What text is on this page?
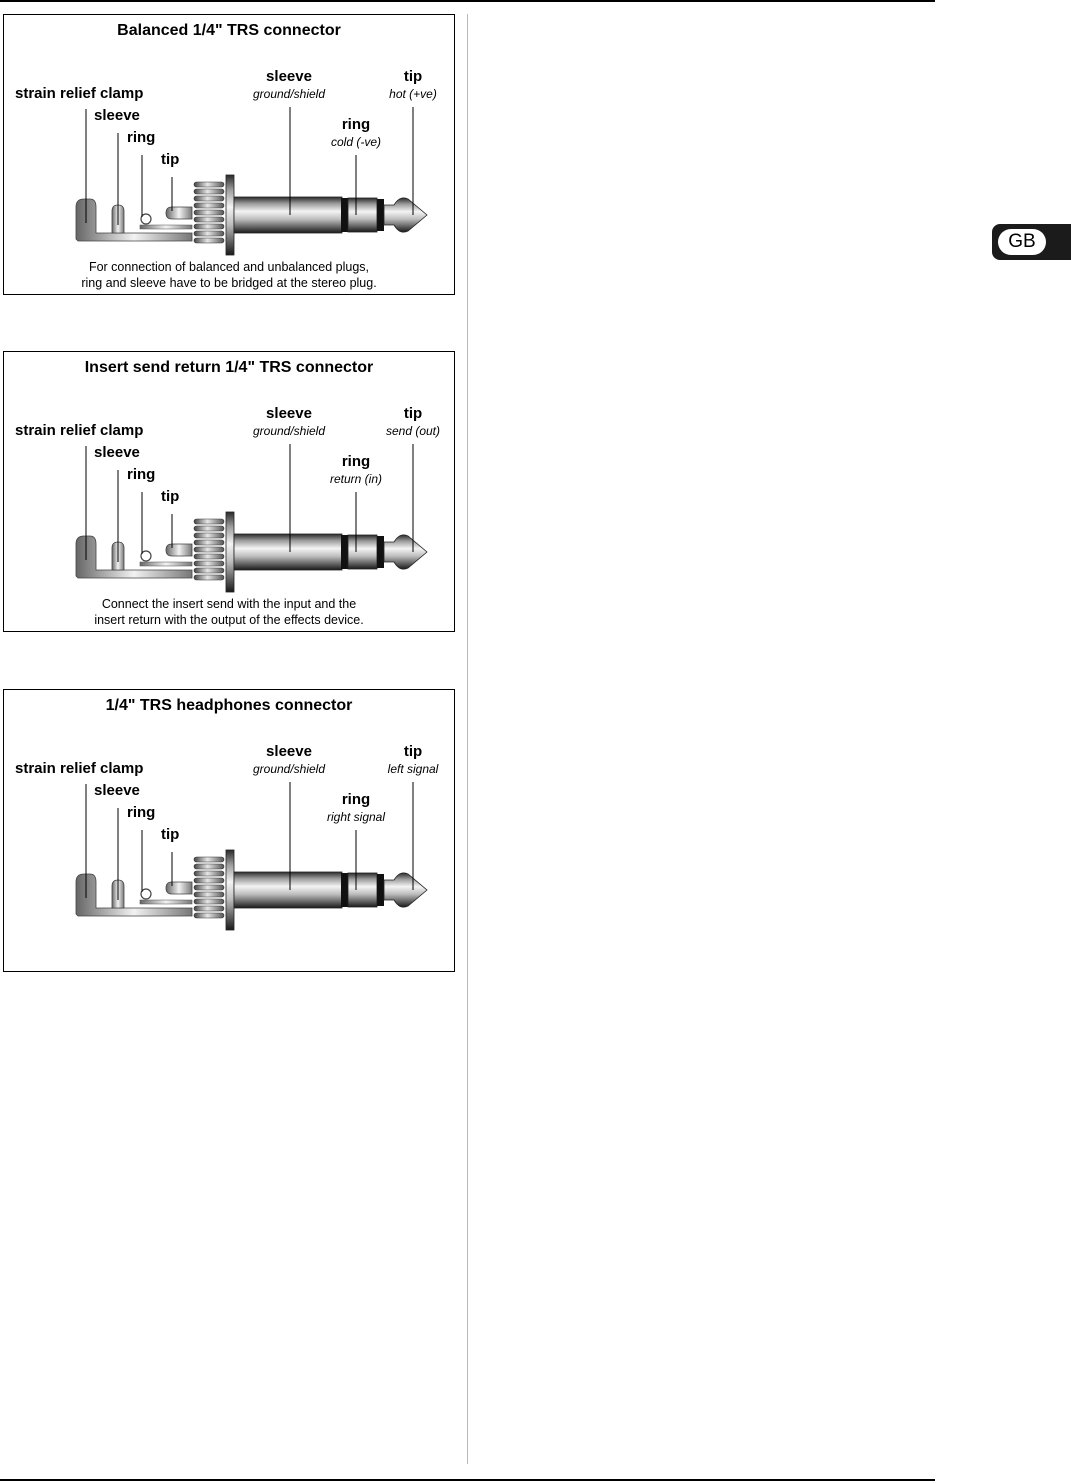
GB
Balanced 1/4" TRS connector
strain relief clamp
sleeve
ring
tip
sleeve
ground/shield
ring
cold (-ve)
tip
hot (+ve)
For connection of balanced and unbalanced plugs,
ring and sleeve have to be bridged at the stereo plug.
Insert send return 1/4" TRS connector
strain relief clamp
sleeve
ring
tip
sleeve
ground/shield
ring
return (in)
tip
send (out)
Connect the insert send with the input and the
insert return with the output of the effects device.
1/4" TRS headphones connector
strain relief clamp
sleeve
ring
tip
sleeve
ground/shield
ring
right signal
tip
left signal
